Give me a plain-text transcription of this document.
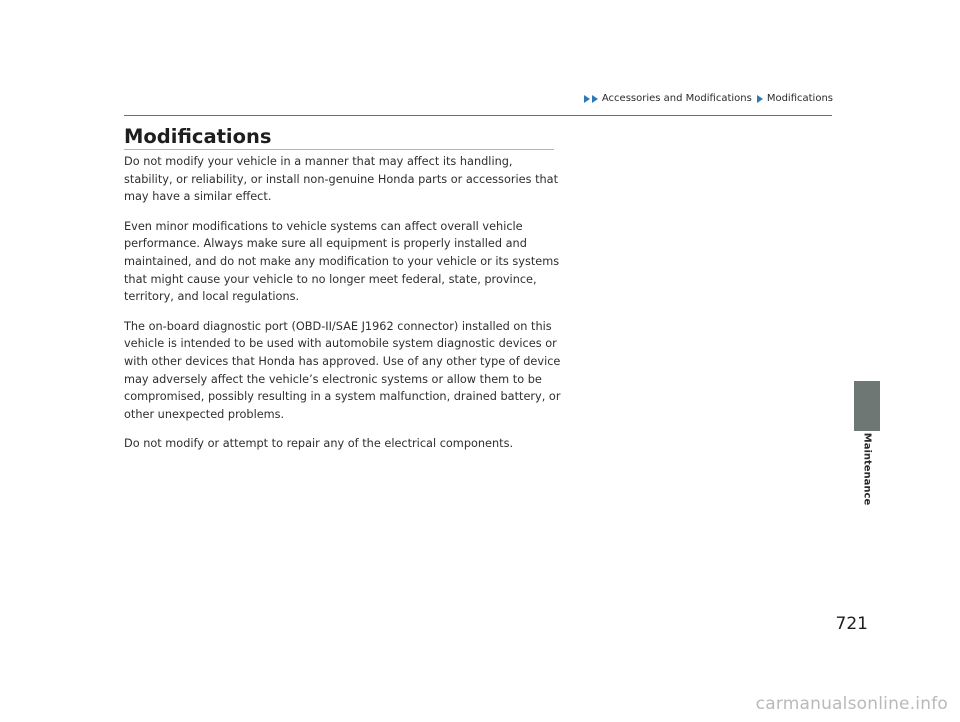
Accessories and Modifications Modifications
Modifications

Do not modify your vehicle in a manner that may affect its handling, stability, or reliability, or install non-genuine Honda parts or accessories that may have a similar effect.

Even minor modifications to vehicle systems can affect overall vehicle performance. Always make sure all equipment is properly installed and maintained, and do not make any modification to your vehicle or its systems that might cause your vehicle to no longer meet federal, state, province, territory, and local regulations.

The on-board diagnostic port (OBD-II/SAE J1962 connector) installed on this vehicle is intended to be used with automobile system diagnostic devices or with other devices that Honda has approved. Use of any other type of device may adversely affect the vehicle’s electronic systems or allow them to be compromised, possibly resulting in a system malfunction, drained battery, or other unexpected problems.

Do not modify or attempt to repair any of the electrical components.	Maintenance
721
carmanualsonline.info
